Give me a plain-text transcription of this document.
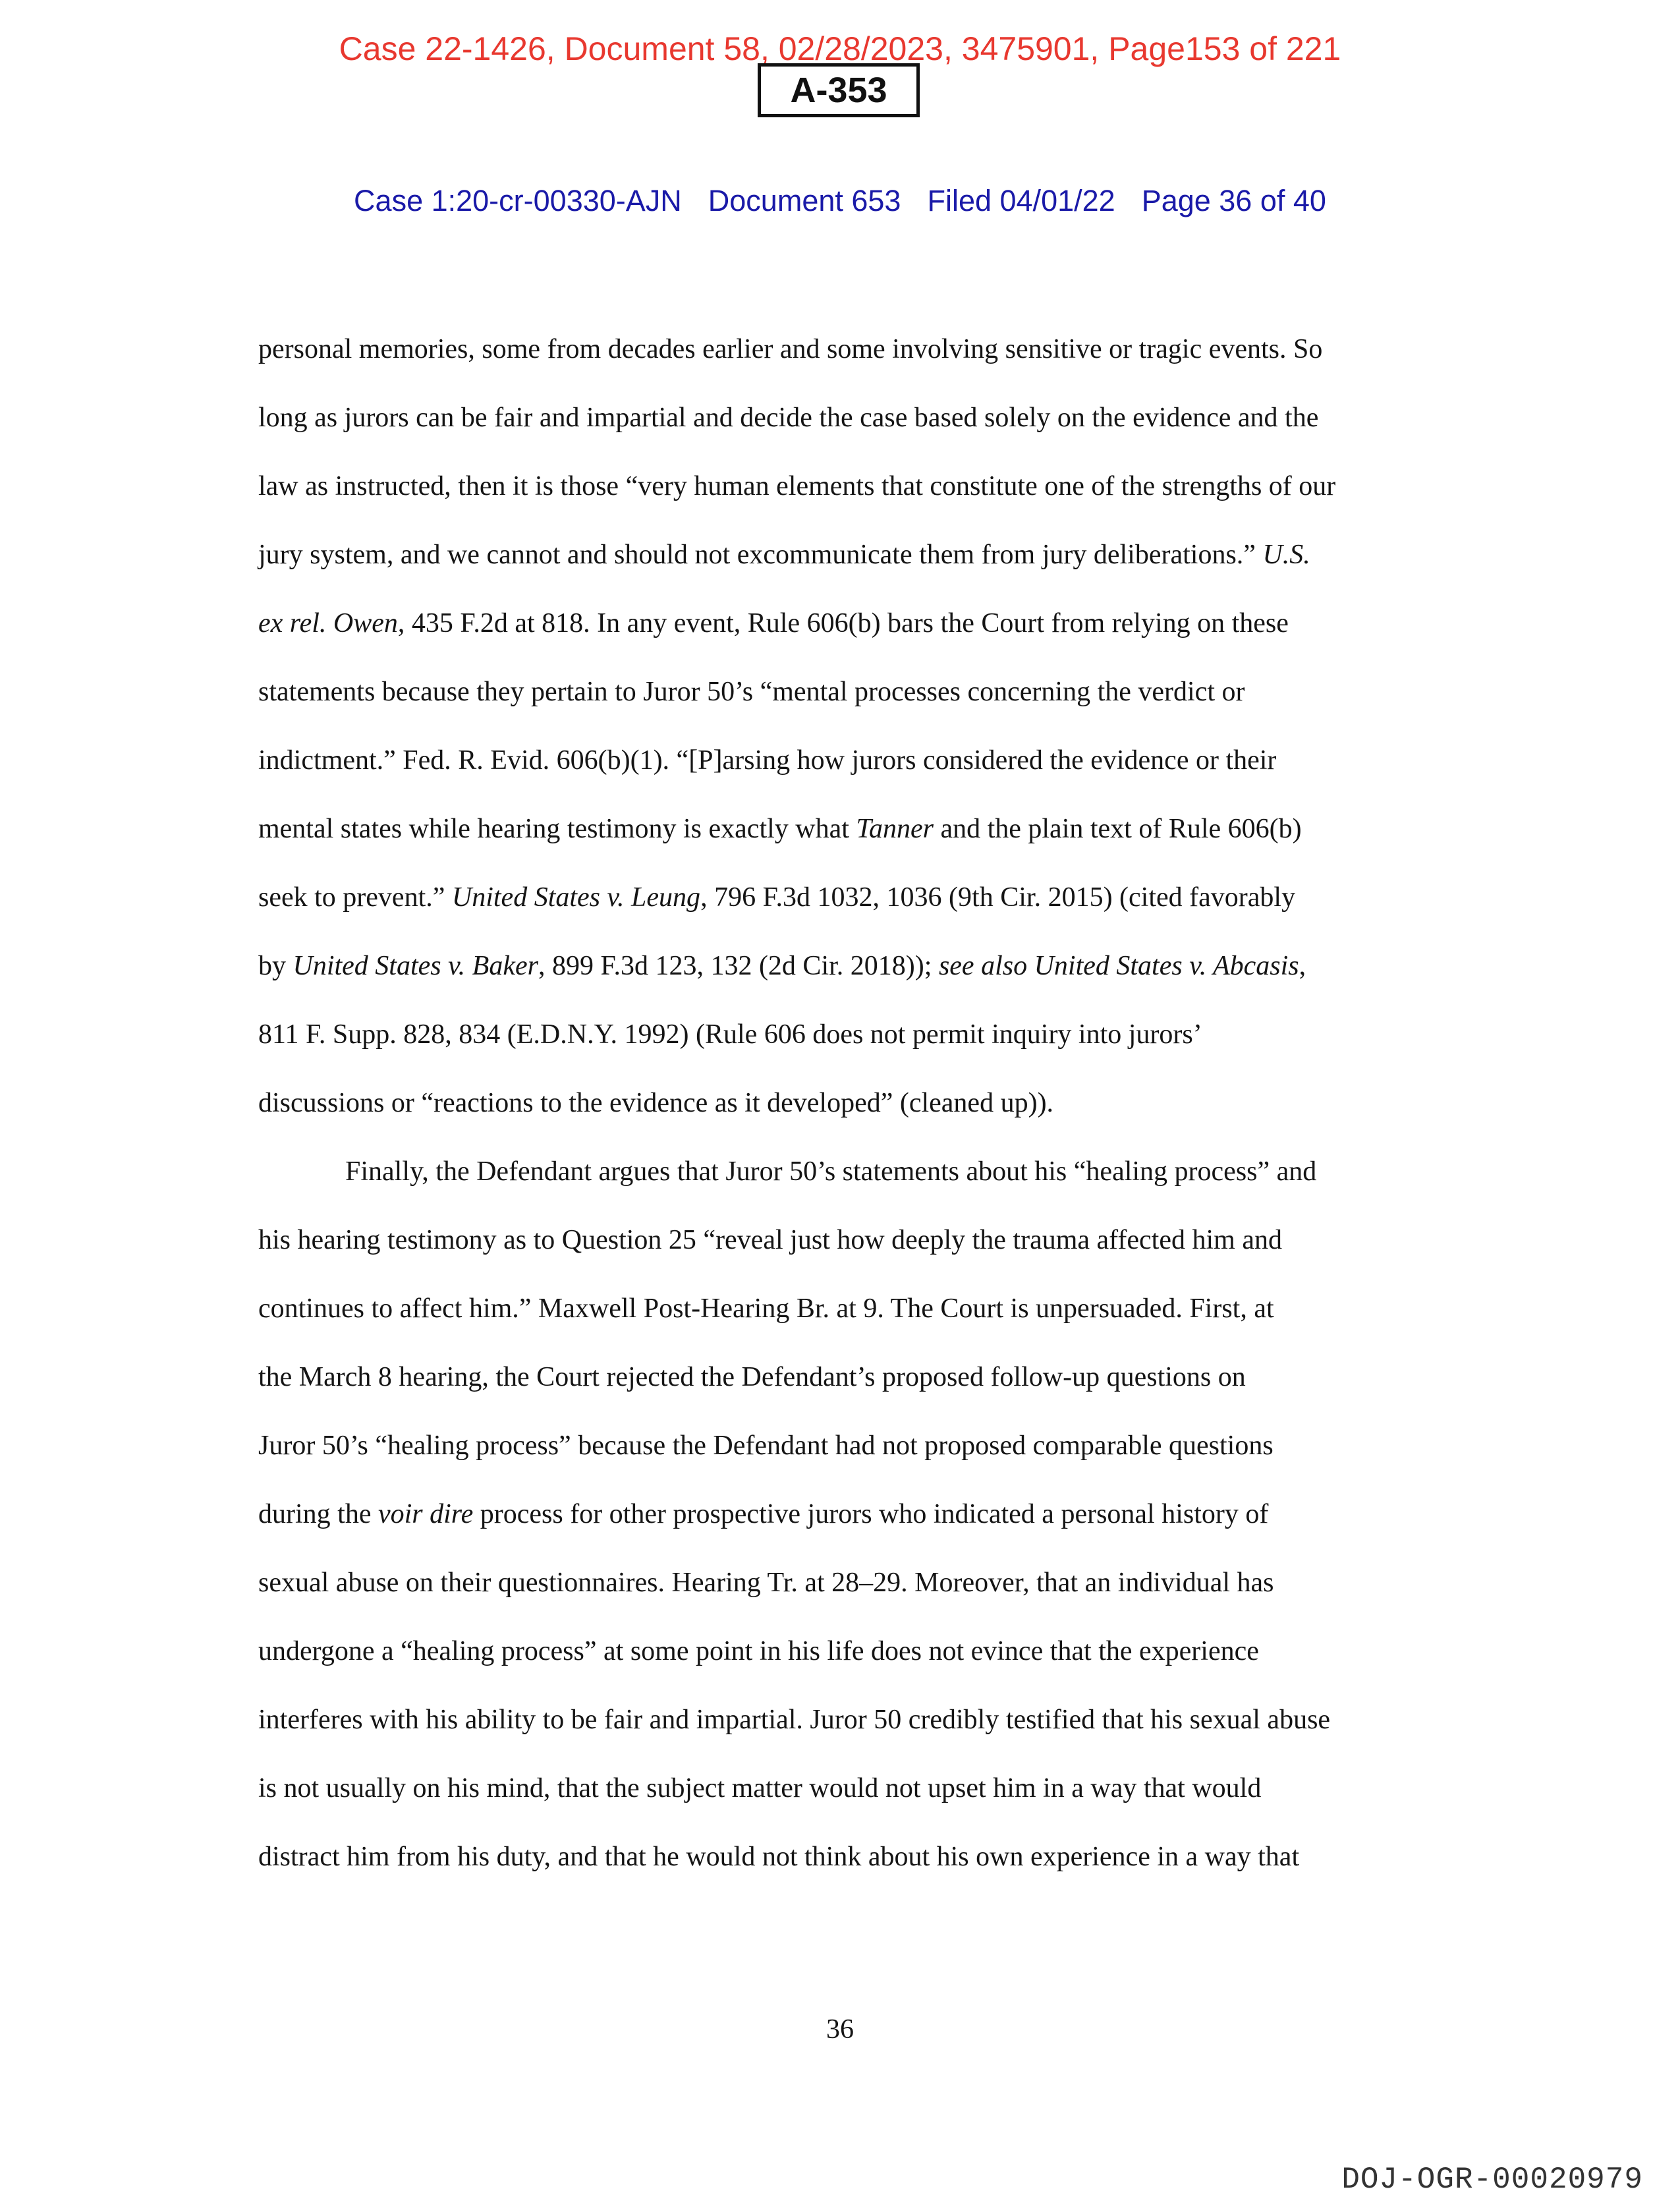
Case 22-1426, Document 58, 02/28/2023, 3475901, Page153 of 221
A-353
Case 1:20-cr-00330-AJN Document 653 Filed 04/01/22 Page 36 of 40
personal memories, some from decades earlier and some involving sensitive or tragic events. So
long as jurors can be fair and impartial and decide the case based solely on the evidence and the
law as instructed, then it is those “very human elements that constitute one of the strengths of our
jury system, and we cannot and should not excommunicate them from jury deliberations.” U.S.
ex rel. Owen, 435 F.2d at 818. In any event, Rule 606(b) bars the Court from relying on these
statements because they pertain to Juror 50’s “mental processes concerning the verdict or
indictment.” Fed. R. Evid. 606(b)(1). “[P]arsing how jurors considered the evidence or their
mental states while hearing testimony is exactly what Tanner and the plain text of Rule 606(b)
seek to prevent.” United States v. Leung, 796 F.3d 1032, 1036 (9th Cir. 2015) (cited favorably
by United States v. Baker, 899 F.3d 123, 132 (2d Cir. 2018)); see also United States v. Abcasis,
811 F. Supp. 828, 834 (E.D.N.Y. 1992) (Rule 606 does not permit inquiry into jurors’
discussions or “reactions to the evidence as it developed” (cleaned up)).
Finally, the Defendant argues that Juror 50’s statements about his “healing process” and
his hearing testimony as to Question 25 “reveal just how deeply the trauma affected him and
continues to affect him.” Maxwell Post-Hearing Br. at 9. The Court is unpersuaded. First, at
the March 8 hearing, the Court rejected the Defendant’s proposed follow-up questions on
Juror 50’s “healing process” because the Defendant had not proposed comparable questions
during the voir dire process for other prospective jurors who indicated a personal history of
sexual abuse on their questionnaires. Hearing Tr. at 28–29. Moreover, that an individual has
undergone a “healing process” at some point in his life does not evince that the experience
interferes with his ability to be fair and impartial. Juror 50 credibly testified that his sexual abuse
is not usually on his mind, that the subject matter would not upset him in a way that would
distract him from his duty, and that he would not think about his own experience in a way that
36
DOJ-OGR-00020979
